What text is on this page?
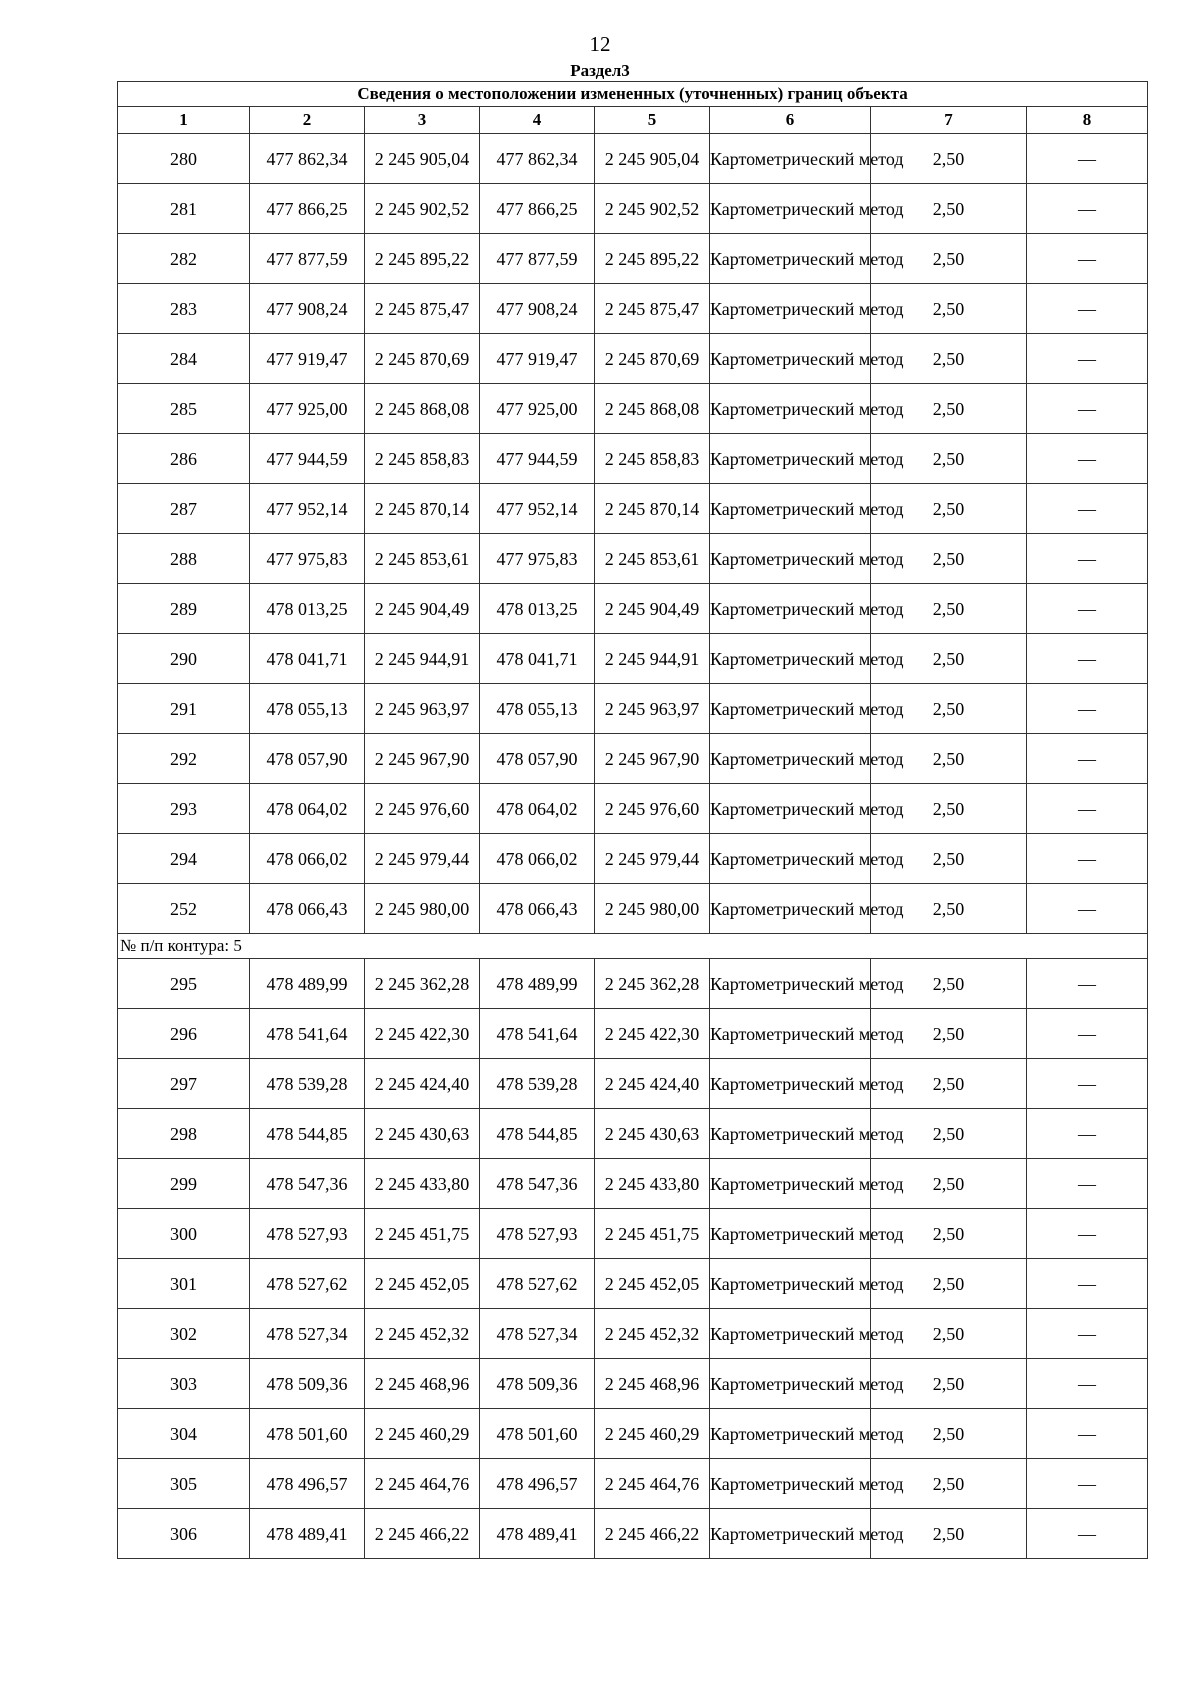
12
Раздел3
Сведения о местоположении измененных (уточненных) границ объекта							
1	2	3	4	5	6	7	8
280	477 862,34	2 245 905,04	477 862,34	2 245 905,04	Картометрический метод	2,50	—
281	477 866,25	2 245 902,52	477 866,25	2 245 902,52	Картометрический метод	2,50	—
282	477 877,59	2 245 895,22	477 877,59	2 245 895,22	Картометрический метод	2,50	—
283	477 908,24	2 245 875,47	477 908,24	2 245 875,47	Картометрический метод	2,50	—
284	477 919,47	2 245 870,69	477 919,47	2 245 870,69	Картометрический метод	2,50	—
285	477 925,00	2 245 868,08	477 925,00	2 245 868,08	Картометрический метод	2,50	—
286	477 944,59	2 245 858,83	477 944,59	2 245 858,83	Картометрический метод	2,50	—
287	477 952,14	2 245 870,14	477 952,14	2 245 870,14	Картометрический метод	2,50	—
288	477 975,83	2 245 853,61	477 975,83	2 245 853,61	Картометрический метод	2,50	—
289	478 013,25	2 245 904,49	478 013,25	2 245 904,49	Картометрический метод	2,50	—
290	478 041,71	2 245 944,91	478 041,71	2 245 944,91	Картометрический метод	2,50	—
291	478 055,13	2 245 963,97	478 055,13	2 245 963,97	Картометрический метод	2,50	—
292	478 057,90	2 245 967,90	478 057,90	2 245 967,90	Картометрический метод	2,50	—
293	478 064,02	2 245 976,60	478 064,02	2 245 976,60	Картометрический метод	2,50	—
294	478 066,02	2 245 979,44	478 066,02	2 245 979,44	Картометрический метод	2,50	—
252	478 066,43	2 245 980,00	478 066,43	2 245 980,00	Картометрический метод	2,50	—
№ п/п контура: 5							
295	478 489,99	2 245 362,28	478 489,99	2 245 362,28	Картометрический метод	2,50	—
296	478 541,64	2 245 422,30	478 541,64	2 245 422,30	Картометрический метод	2,50	—
297	478 539,28	2 245 424,40	478 539,28	2 245 424,40	Картометрический метод	2,50	—
298	478 544,85	2 245 430,63	478 544,85	2 245 430,63	Картометрический метод	2,50	—
299	478 547,36	2 245 433,80	478 547,36	2 245 433,80	Картометрический метод	2,50	—
300	478 527,93	2 245 451,75	478 527,93	2 245 451,75	Картометрический метод	2,50	—
301	478 527,62	2 245 452,05	478 527,62	2 245 452,05	Картометрический метод	2,50	—
302	478 527,34	2 245 452,32	478 527,34	2 245 452,32	Картометрический метод	2,50	—
303	478 509,36	2 245 468,96	478 509,36	2 245 468,96	Картометрический метод	2,50	—
304	478 501,60	2 245 460,29	478 501,60	2 245 460,29	Картометрический метод	2,50	—
305	478 496,57	2 245 464,76	478 496,57	2 245 464,76	Картометрический метод	2,50	—
306	478 489,41	2 245 466,22	478 489,41	2 245 466,22	Картометрический метод	2,50	—
